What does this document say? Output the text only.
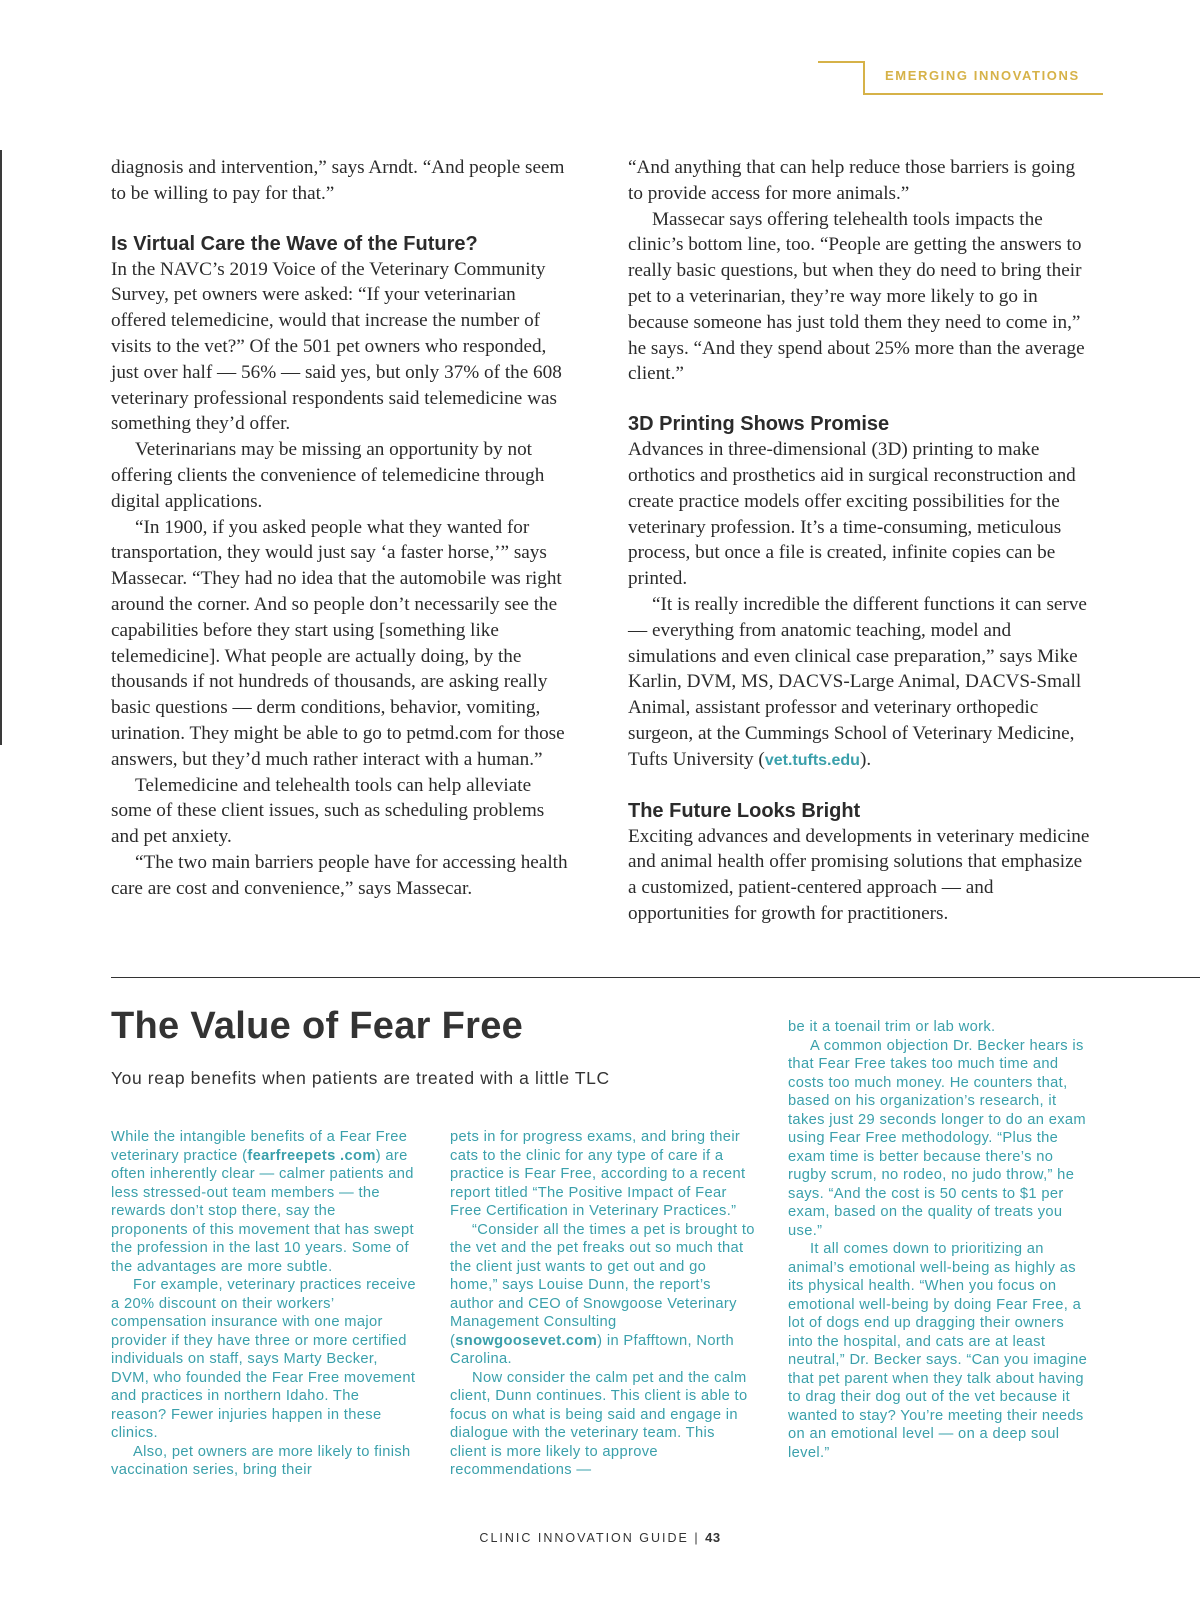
EMERGING INNOVATIONS

diagnosis and intervention,” says Arndt. “And people seem to be willing to pay for that.”

Is Virtual Care the Wave of the Future?

In the NAVC’s 2019 Voice of the Veterinary Community Survey, pet owners were asked: “If your veterinarian offered telemedicine, would that increase the number of visits to the vet?” Of the 501 pet owners who responded, just over half — 56% — said yes, but only 37% of the 608 veterinary professional respondents said telemedicine was something they’d offer.

Veterinarians may be missing an opportunity by not offering clients the convenience of telemedicine through digital applications.

“In 1900, if you asked people what they wanted for transportation, they would just say ‘a faster horse,’” says Massecar. “They had no idea that the automobile was right around the corner. And so people don’t necessarily see the capabilities before they start using [something like telemedicine]. What people are actually doing, by the thousands if not hundreds of thousands, are asking really basic questions — derm conditions, behavior, vomiting, urination. They might be able to go to petmd.com for those answers, but they’d much rather interact with a human.”

Telemedicine and telehealth tools can help alleviate some of these client issues, such as scheduling problems and pet anxiety.

“The two main barriers people have for accessing health care are cost and convenience,” says Massecar.

“And anything that can help reduce those barriers is going to provide access for more animals.”

Massecar says offering telehealth tools impacts the clinic’s bottom line, too. “People are getting the answers to really basic questions, but when they do need to bring their pet to a veterinarian, they’re way more likely to go in because someone has just told them they need to come in,” he says. “And they spend about 25% more than the average client.”

3D Printing Shows Promise

Advances in three-dimensional (3D) printing to make orthotics and prosthetics aid in surgical reconstruction and create practice models offer exciting possibilities for the veterinary profession. It’s a time-consuming, meticulous process, but once a file is created, infinite copies can be printed.

“It is really incredible the different functions it can serve — everything from anatomic teaching, model and simulations and even clinical case preparation,” says Mike Karlin, DVM, MS, DACVS-Large Animal, DACVS-Small Animal, assistant professor and veterinary orthopedic surgeon, at the Cummings School of Veterinary Medicine, Tufts University (vet.tufts.edu).

The Future Looks Bright

Exciting advances and developments in veterinary medicine and animal health offer promising solutions that emphasize a customized, patient-centered approach — and opportunities for growth for practitioners.

The Value of Fear Free
You reap benefits when patients are treated with a little TLC

While the intangible benefits of a Fear Free veterinary practice (fearfreepets .com) are often inherently clear — calmer patients and less stressed-out team members — the rewards don’t stop there, say the proponents of this movement that has swept the profession in the last 10 years. Some of the advantages are more subtle.

For example, veterinary practices receive a 20% discount on their workers’ compensation insurance with one major provider if they have three or more certified individuals on staff, says Marty Becker, DVM, who founded the Fear Free movement and practices in northern Idaho. The reason? Fewer injuries happen in these clinics.

Also, pet owners are more likely to finish vaccination series, bring their

pets in for progress exams, and bring their cats to the clinic for any type of care if a practice is Fear Free, according to a recent report titled “The Positive Impact of Fear Free Certification in Veterinary Practices.”

“Consider all the times a pet is brought to the vet and the pet freaks out so much that the client just wants to get out and go home,” says Louise Dunn, the report’s author and CEO of Snowgoose Veterinary Management Consulting (snowgoosevet.com) in Pfafftown, North Carolina.

Now consider the calm pet and the calm client, Dunn continues. This client is able to focus on what is being said and engage in dialogue with the veterinary team. This client is more likely to approve recommendations —

be it a toenail trim or lab work.

A common objection Dr. Becker hears is that Fear Free takes too much time and costs too much money. He counters that, based on his organization’s research, it takes just 29 seconds longer to do an exam using Fear Free methodology. “Plus the exam time is better because there’s no rugby scrum, no rodeo, no judo throw,” he says. “And the cost is 50 cents to $1 per exam, based on the quality of treats you use.”

It all comes down to prioritizing an animal’s emotional well-being as highly as its physical health. “When you focus on emotional well-being by doing Fear Free, a lot of dogs end up dragging their owners into the hospital, and cats are at least neutral,” Dr. Becker says. “Can you imagine that pet parent when they talk about having to drag their dog out of the vet because it wanted to stay? You’re meeting their needs on an emotional level — on a deep soul level.”

CLINIC INNOVATION GUIDE | 43
